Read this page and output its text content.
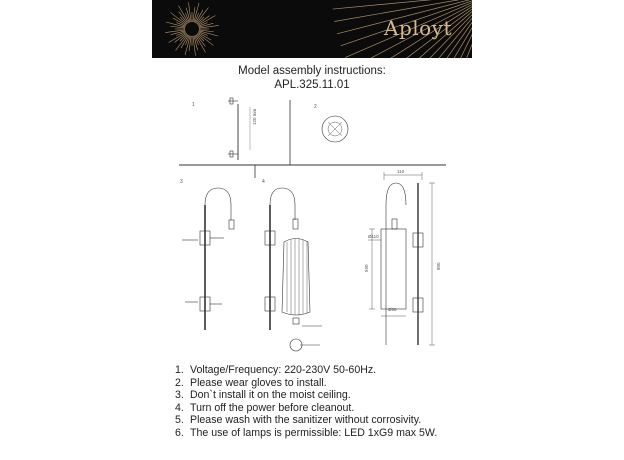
Aployt
Model assembly instructions:
APL.325.11.01
1	2
3	4
120 mm
110
800
590
Ø56
Ø110
1. Voltage/Frequency: 220-230V 50-60Hz.
2. Please wear gloves to install.
3. Don`t install it on the moist ceiling.
4. Turn off the power before cleanout.
5. Please wash with the sanitizer without corrosivity.
6. The use of lamps is permissible: LED 1xG9 max 5W.
